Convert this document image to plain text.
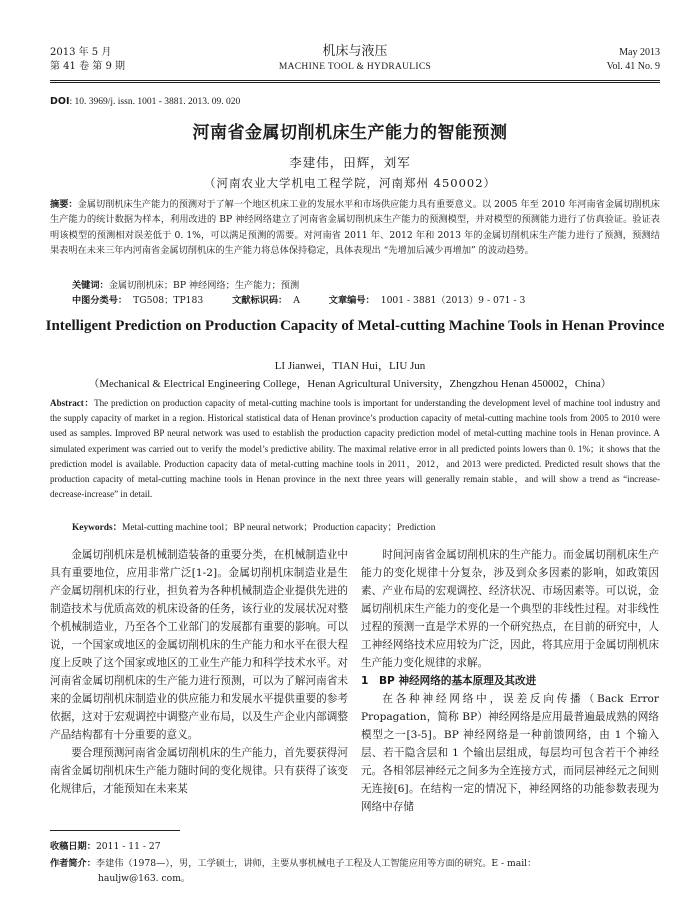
2013 年 5 月
第 41 卷 第 9 期
机床与液压
MACHINE TOOL & HYDRAULICS
May 2013
Vol. 41 No. 9
DOI: 10. 3969/j. issn. 1001 - 3881. 2013. 09. 020
河南省金属切削机床生产能力的智能预测
李建伟，田辉，刘军
（河南农业大学机电工程学院，河南郑州 450002）
摘要：金属切削机床生产能力的预测对于了解一个地区机床工业的发展水平和市场供应能力具有重要意义。以 2005 年至 2010 年河南省金属切削机床生产能力的统计数据为样本，利用改进的 BP 神经网络建立了河南省金属切削机床生产能力的预测模型，并对模型的预测能力进行了仿真验证。验证表明该模型的预测相对误差低于 0. 1%，可以满足预测的需要。对河南省 2011 年、2012 年和 2013 年的金属切削机床生产能力进行了预测，预测结果表明在未来三年内河南省金属切削机床的生产能力将总体保持稳定，具体表现出 “先增加后减少再增加” 的波动趋势。
关键词：金属切削机床；BP 神经网络；生产能力；预测
中图分类号： TG508；TP183	文献标识码： A	文章编号： 1001 - 3881（2013）9 - 071 - 3
Intelligent Prediction on Production Capacity of Metal-cutting Machine Tools in Henan Province
LI Jianwei，TIAN Hui，LIU Jun
（Mechanical & Electrical Engineering College，Henan Agricultural University，Zhengzhou Henan 450002，China）
Abstract：The prediction on production capacity of metal-cutting machine tools is important for understanding the development level of machine tool industry and the supply capacity of market in a region. Historical statistical data of Henan province’s production capacity of metal-cutting machine tools from 2005 to 2010 were used as samples. Improved BP neural network was used to establish the production capacity prediction model of metal-cutting machine tools in Henan province. A simulated experiment was carried out to verify the model’s predictive ability. The maximal relative error in all predicted points lowers than 0. 1%；it shows that the prediction model is available. Production capacity data of metal-cutting machine tools in 2011，2012，and 2013 were predicted. Predicted result shows that the production capacity of metal-cutting machine tools in Henan province in the next three years will generally remain stable，and will show a trend as “increase-decrease-increase” in detail.
Keywords：Metal-cutting machine tool；BP neural network；Production capacity；Prediction

金属切削机床是机械制造装备的重要分类，在机械制造业中具有重要地位，应用非常广泛[1-2]。金属切削机床制造业是生产金属切削机床的行业，担负着为各种机械制造企业提供先进的制造技术与优质高效的机床设备的任务，该行业的发展状况对整个机械制造业，乃至各个工业部门的发展都有重要的影响。可以说，一个国家或地区的金属切削机床的生产能力和水平在很大程度上反映了这个国家或地区的工业生产能力和科学技术水平。对河南省金属切削机床的生产能力进行预测，可以为了解河南省未来的金属切削机床制造业的供应能力和发展水平提供重要的参考依据，这对于宏观调控中调整产业布局，以及生产企业内部调整产品结构都有十分重要的意义。

要合理预测河南省金属切削机床的生产能力，首先要获得河南省金属切削机床生产能力随时间的变化规律。只有获得了该变化规律后，才能预知在未来某

时间河南省金属切削机床的生产能力。而金属切削机床生产能力的变化规律十分复杂，涉及到众多因素的影响，如政策因素、产业布局的宏观调控、经济状况、市场因素等。可以说，金属切削机床生产能力的变化是一个典型的非线性过程。对非线性过程的预测一直是学术界的一个研究热点，在目前的研究中，人工神经网络技术应用较为广泛，因此，将其应用于金属切削机床生产能力变化规律的求解。

1　BP 神经网络的基本原理及其改进

在各种神经网络中，误差反向传播（Back Error Propagation，简称 BP）神经网络是应用最普遍最成熟的网络模型之一[3-5]。BP 神经网络是一种前馈网络，由 1 个输入层、若干隐含层和 1 个输出层组成，每层均可包含若干个神经元。各相邻层神经元之间多为全连接方式，而同层神经元之间则无连接[6]。在结构一定的情况下，神经网络的功能参数表现为网络中存储

收稿日期：2011 - 11 - 27
作者简介：李建伟（1978—），男，工学硕士，讲师，主要从事机械电子工程及人工智能应用等方面的研究。E - mail：
hauljw@163. com。
